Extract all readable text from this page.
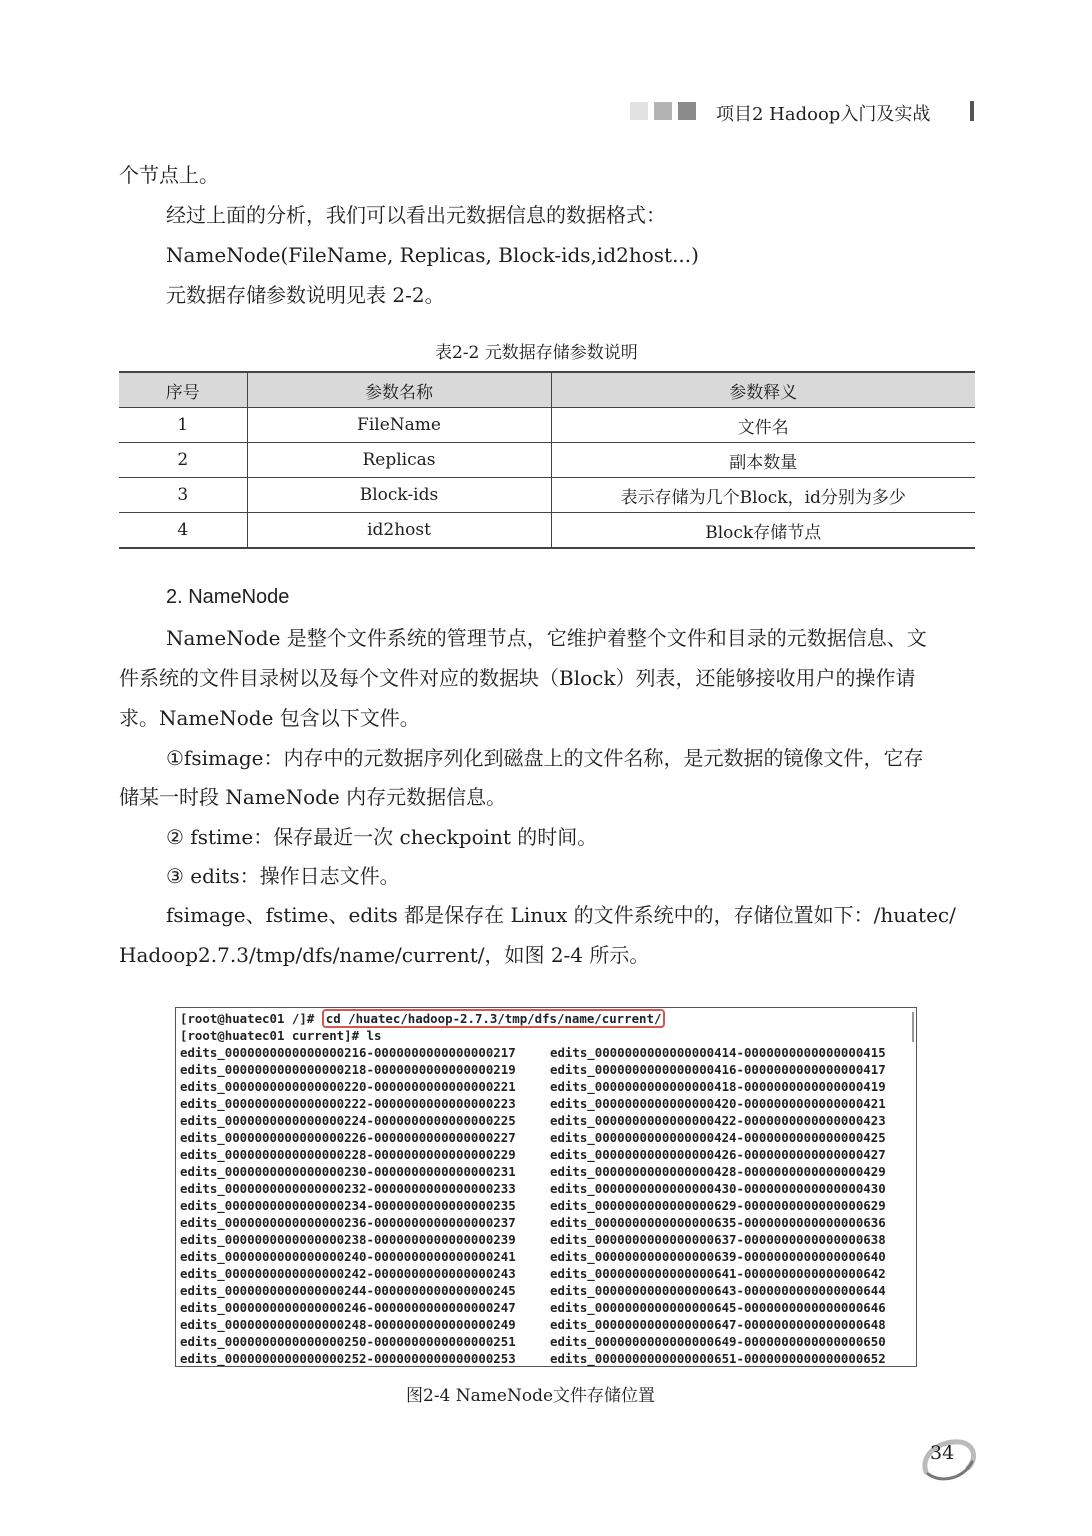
项目2 Hadoop入门及实战
个节点上。
经过上面的分析，我们可以看出元数据信息的数据格式：
NameNode(FileName, Replicas, Block-ids,id2host...)
元数据存储参数说明见表 2-2。
表2-2 元数据存储参数说明
序号	参数名称	参数释义
1	FileName	文件名
2	Replicas	副本数量
3	Block-ids	表示存储为几个Block，id分别为多少
4	id2host	Block存储节点
2. NameNode
NameNode 是整个文件系统的管理节点，它维护着整个文件和目录的元数据信息、文
件系统的文件目录树以及每个文件对应的数据块（Block）列表，还能够接收用户的操作请
求。NameNode 包含以下文件。
①fsimage：内存中的元数据序列化到磁盘上的文件名称，是元数据的镜像文件，它存
储某一时段 NameNode 内存元数据信息。
② fstime：保存最近一次 checkpoint 的时间。
③ edits：操作日志文件。
fsimage、fstime、edits 都是保存在 Linux 的文件系统中的，存储位置如下：/huatec/
Hadoop2.7.3/tmp/dfs/name/current/，如图 2-4 所示。
[root@huatec01 /]# cd /huatec/hadoop-2.7.3/tmp/dfs/name/current/
[root@huatec01 current]# ls
edits_0000000000000000216-0000000000000000217
edits_0000000000000000218-0000000000000000219
edits_0000000000000000220-0000000000000000221
edits_0000000000000000222-0000000000000000223
edits_0000000000000000224-0000000000000000225
edits_0000000000000000226-0000000000000000227
edits_0000000000000000228-0000000000000000229
edits_0000000000000000230-0000000000000000231
edits_0000000000000000232-0000000000000000233
edits_0000000000000000234-0000000000000000235
edits_0000000000000000236-0000000000000000237
edits_0000000000000000238-0000000000000000239
edits_0000000000000000240-0000000000000000241
edits_0000000000000000242-0000000000000000243
edits_0000000000000000244-0000000000000000245
edits_0000000000000000246-0000000000000000247
edits_0000000000000000248-0000000000000000249
edits_0000000000000000250-0000000000000000251
edits_0000000000000000252-0000000000000000253
edits_0000000000000000414-0000000000000000415
edits_0000000000000000416-0000000000000000417
edits_0000000000000000418-0000000000000000419
edits_0000000000000000420-0000000000000000421
edits_0000000000000000422-0000000000000000423
edits_0000000000000000424-0000000000000000425
edits_0000000000000000426-0000000000000000427
edits_0000000000000000428-0000000000000000429
edits_0000000000000000430-0000000000000000430
edits_0000000000000000629-0000000000000000629
edits_0000000000000000635-0000000000000000636
edits_0000000000000000637-0000000000000000638
edits_0000000000000000639-0000000000000000640
edits_0000000000000000641-0000000000000000642
edits_0000000000000000643-0000000000000000644
edits_0000000000000000645-0000000000000000646
edits_0000000000000000647-0000000000000000648
edits_0000000000000000649-0000000000000000650
edits_0000000000000000651-0000000000000000652
图2-4 NameNode文件存储位置
34
